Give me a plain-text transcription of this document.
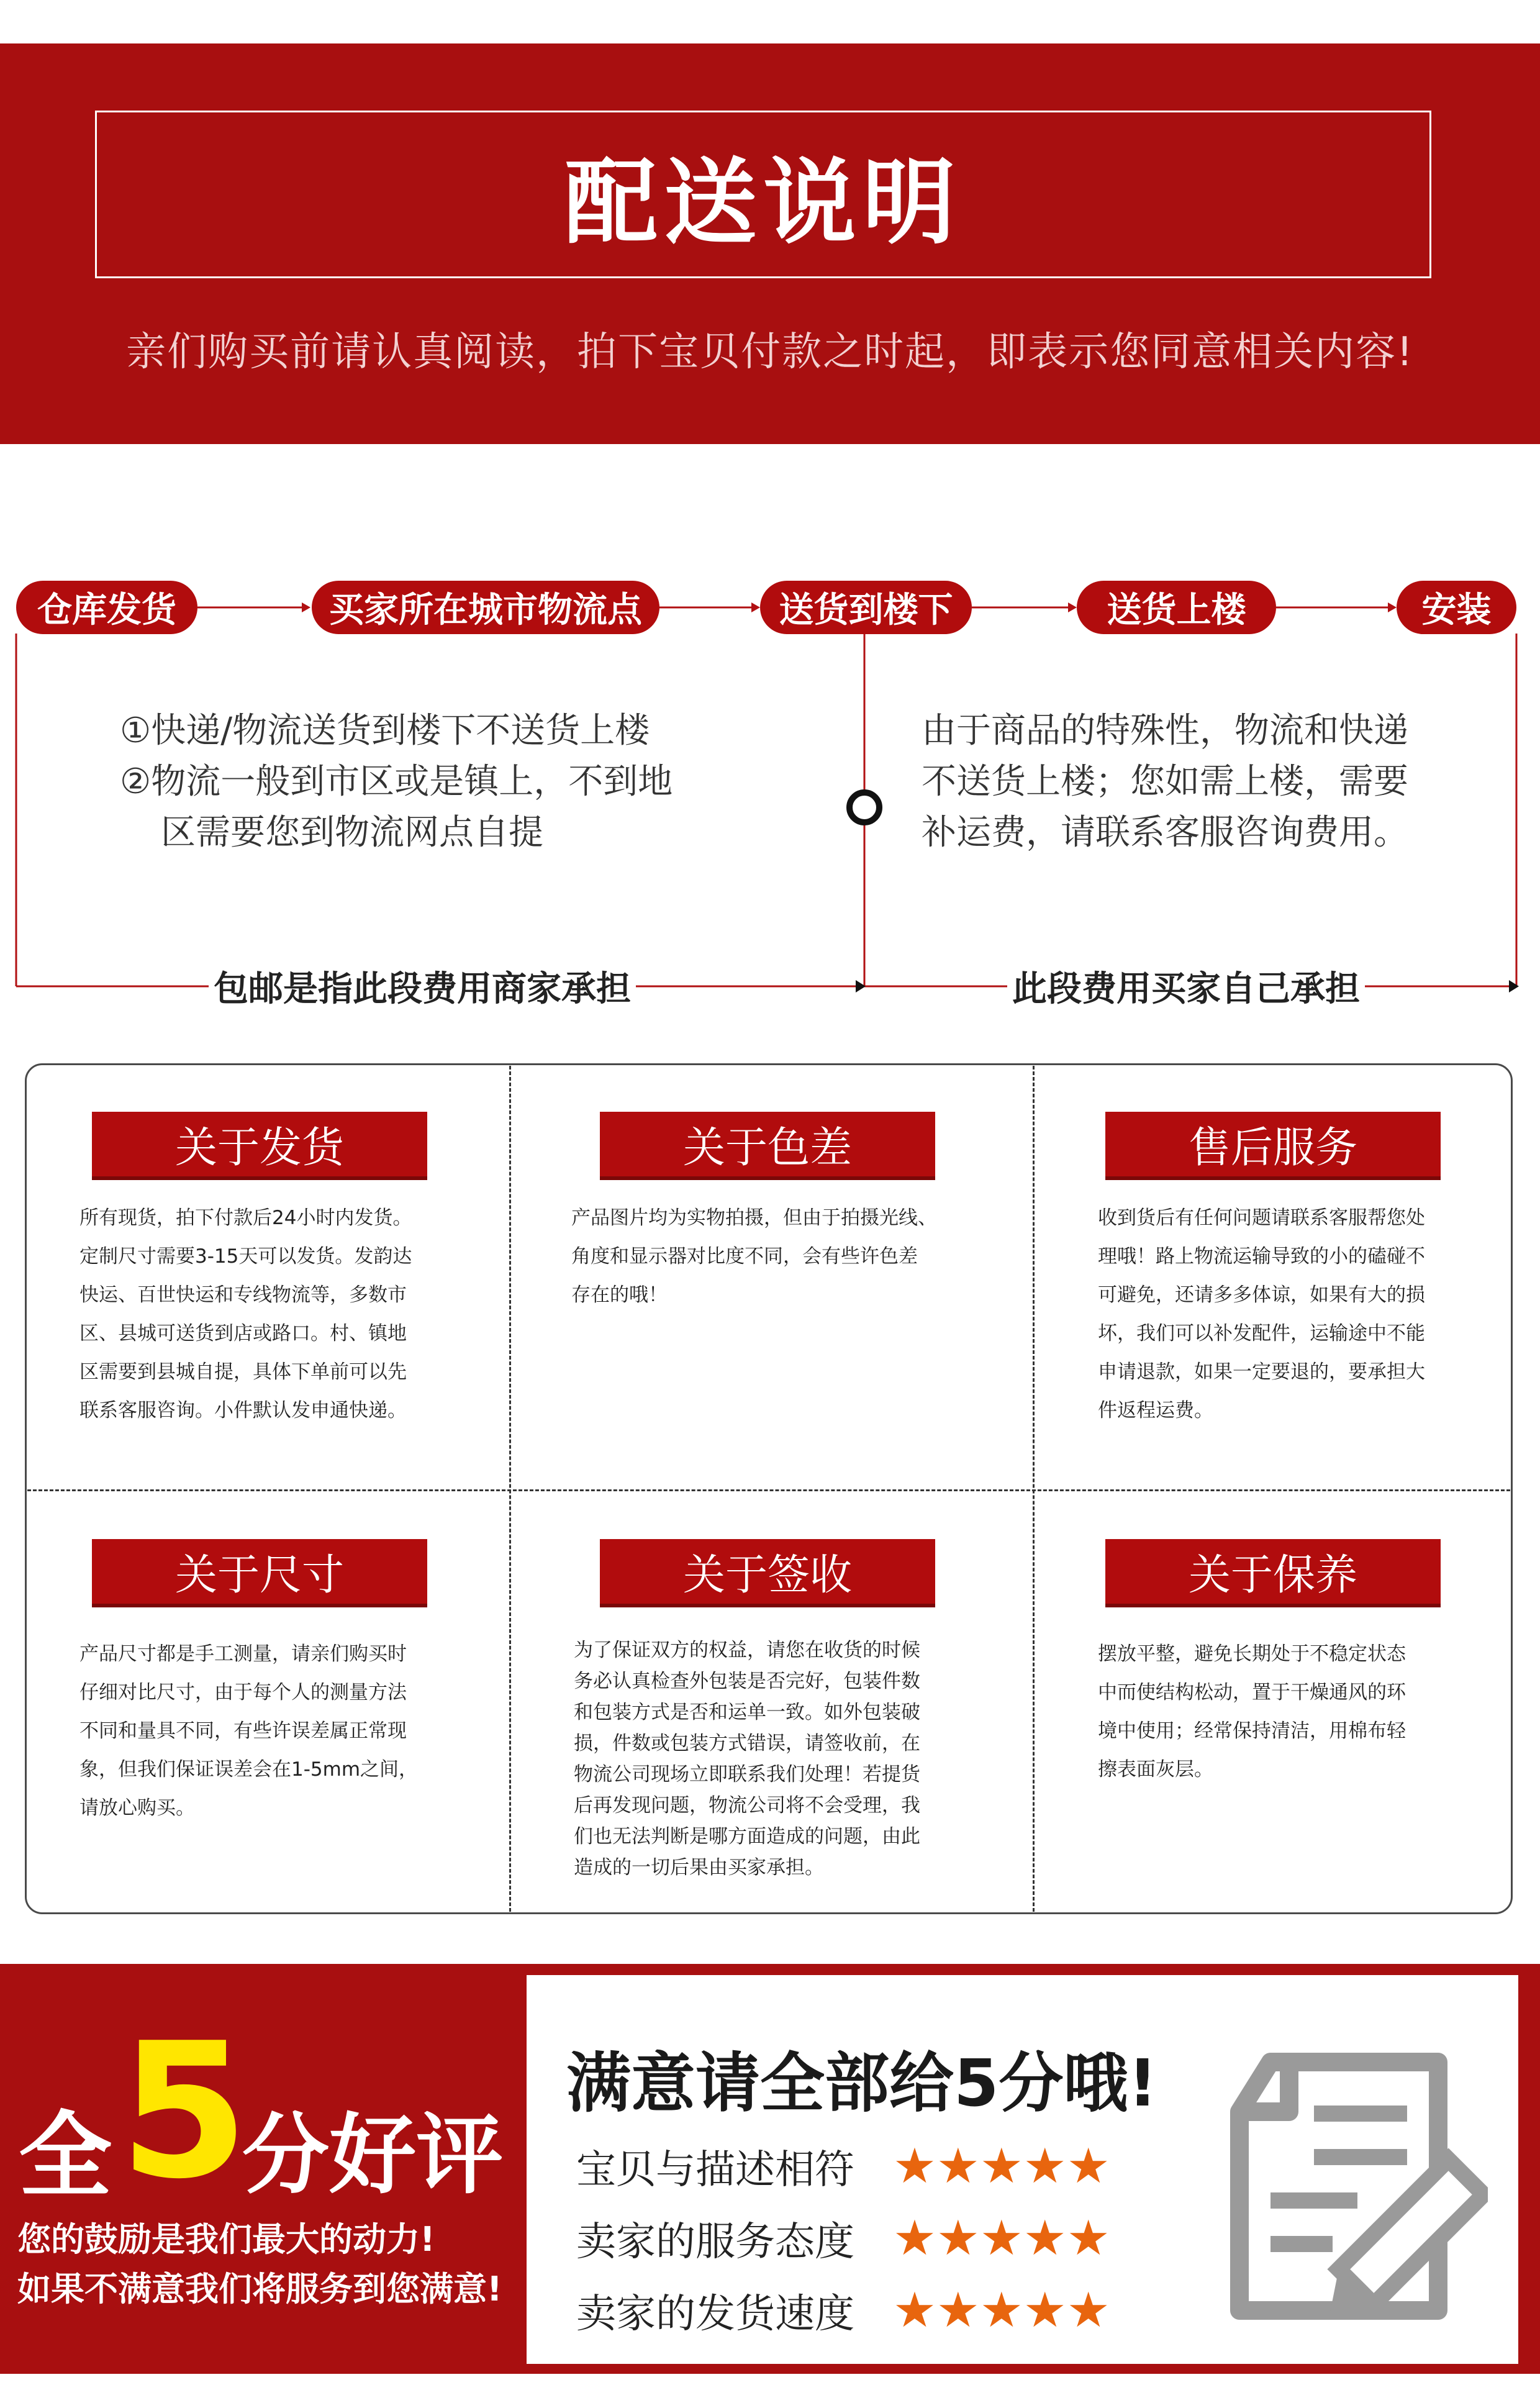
配送说明
亲们购买前请认真阅读，拍下宝贝付款之时起，即表示您同意相关内容!
仓库发货	买家所在城市物流点	送货到楼下	送货上楼	安装
①快递/物流送货到楼下不送货上楼
②物流一般到市区或是镇上，不到地
区需要您到物流网点自提
由于商品的特殊性，物流和快递
不送货上楼；您如需上楼，需要
补运费，请联系客服咨询费用。
包邮是指此段费用商家承担	此段费用买家自己承担
关于发货
所有现货，拍下付款后24小时内发货。
定制尺寸需要3-15天可以发货。发韵达
快运、百世快运和专线物流等，多数市
区、县城可送货到店或路口。村、镇地
区需要到县城自提，具体下单前可以先
联系客服咨询。小件默认发申通快递。
关于色差
产品图片均为实物拍摄，但由于拍摄光线、
角度和显示器对比度不同，会有些许色差
存在的哦！
售后服务
收到货后有任何问题请联系客服帮您处
理哦！路上物流运输导致的小的磕碰不
可避免，还请多多体谅，如果有大的损
坏，我们可以补发配件，运输途中不能
申请退款，如果一定要退的，要承担大
件返程运费。
关于尺寸
产品尺寸都是手工测量，请亲们购买时
仔细对比尺寸，由于每个人的测量方法
不同和量具不同，有些许误差属正常现
象，但我们保证误差会在1-5mm之间，
请放心购买。
关于签收
为了保证双方的权益，请您在收货的时候
务必认真检查外包装是否完好，包装件数
和包装方式是否和运单一致。如外包装破
损，件数或包装方式错误，请签收前，在
物流公司现场立即联系我们处理！若提货
后再发现问题，物流公司将不会受理，我
们也无法判断是哪方面造成的问题，由此
造成的一切后果由买家承担。
关于保养
摆放平整，避免长期处于不稳定状态
中而使结构松动，置于干燥通风的环
境中使用；经常保持清洁，用棉布轻
擦表面灰层。
全 5
分好评
您的鼓励是我们最大的动力!
如果不满意我们将服务到您满意!
满意请全部给5分哦!
宝贝与描述相符 ★★★★★
卖家的服务态度 ★★★★★
卖家的发货速度 ★★★★★
